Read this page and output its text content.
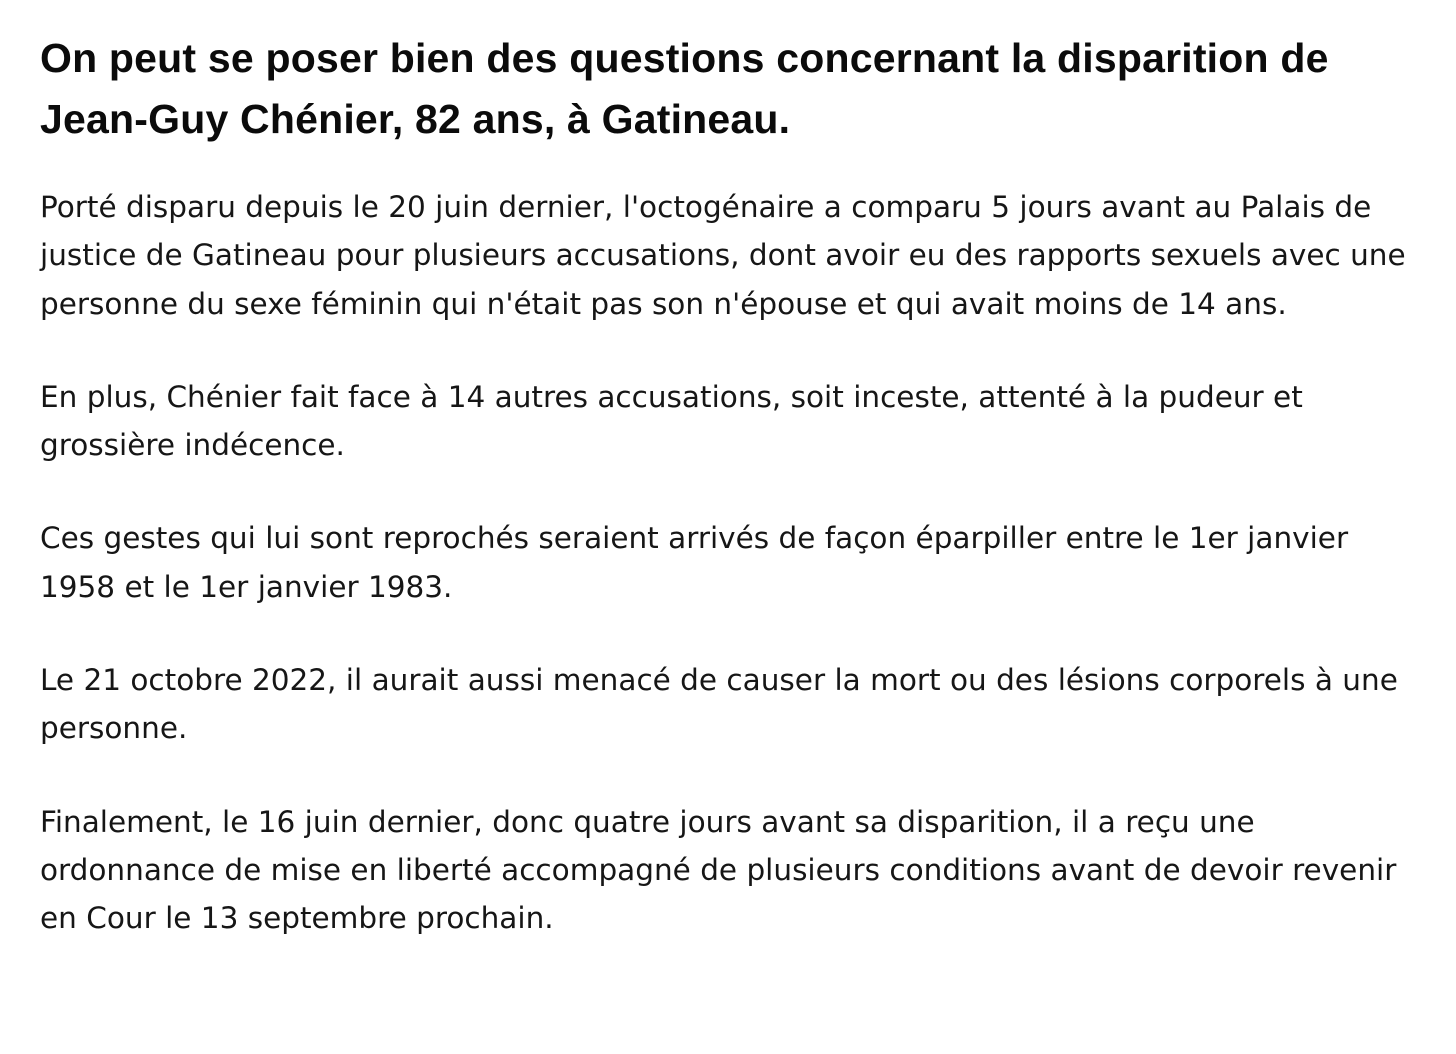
On peut se poser bien des questions concernant la disparition de Jean-Guy Chénier, 82 ans, à Gatineau.

Porté disparu depuis le 20 juin dernier, l'octogénaire a comparu 5 jours avant au Palais de justice de Gatineau pour plusieurs accusations, dont avoir eu des rapports sexuels avec une personne du sexe féminin qui n'était pas son n'épouse et qui avait moins de 14 ans.

En plus, Chénier fait face à 14 autres accusations, soit inceste, attenté à la pudeur et grossière indécence.

Ces gestes qui lui sont reprochés seraient arrivés de façon éparpiller entre le 1er janvier 1958 et le 1er janvier 1983.

Le 21 octobre 2022, il aurait aussi menacé de causer la mort ou des lésions corporels à une personne.

Finalement, le 16 juin dernier, donc quatre jours avant sa disparition, il a reçu une ordonnance de mise en liberté accompagné de plusieurs conditions avant de devoir revenir en Cour le 13 septembre prochain.
